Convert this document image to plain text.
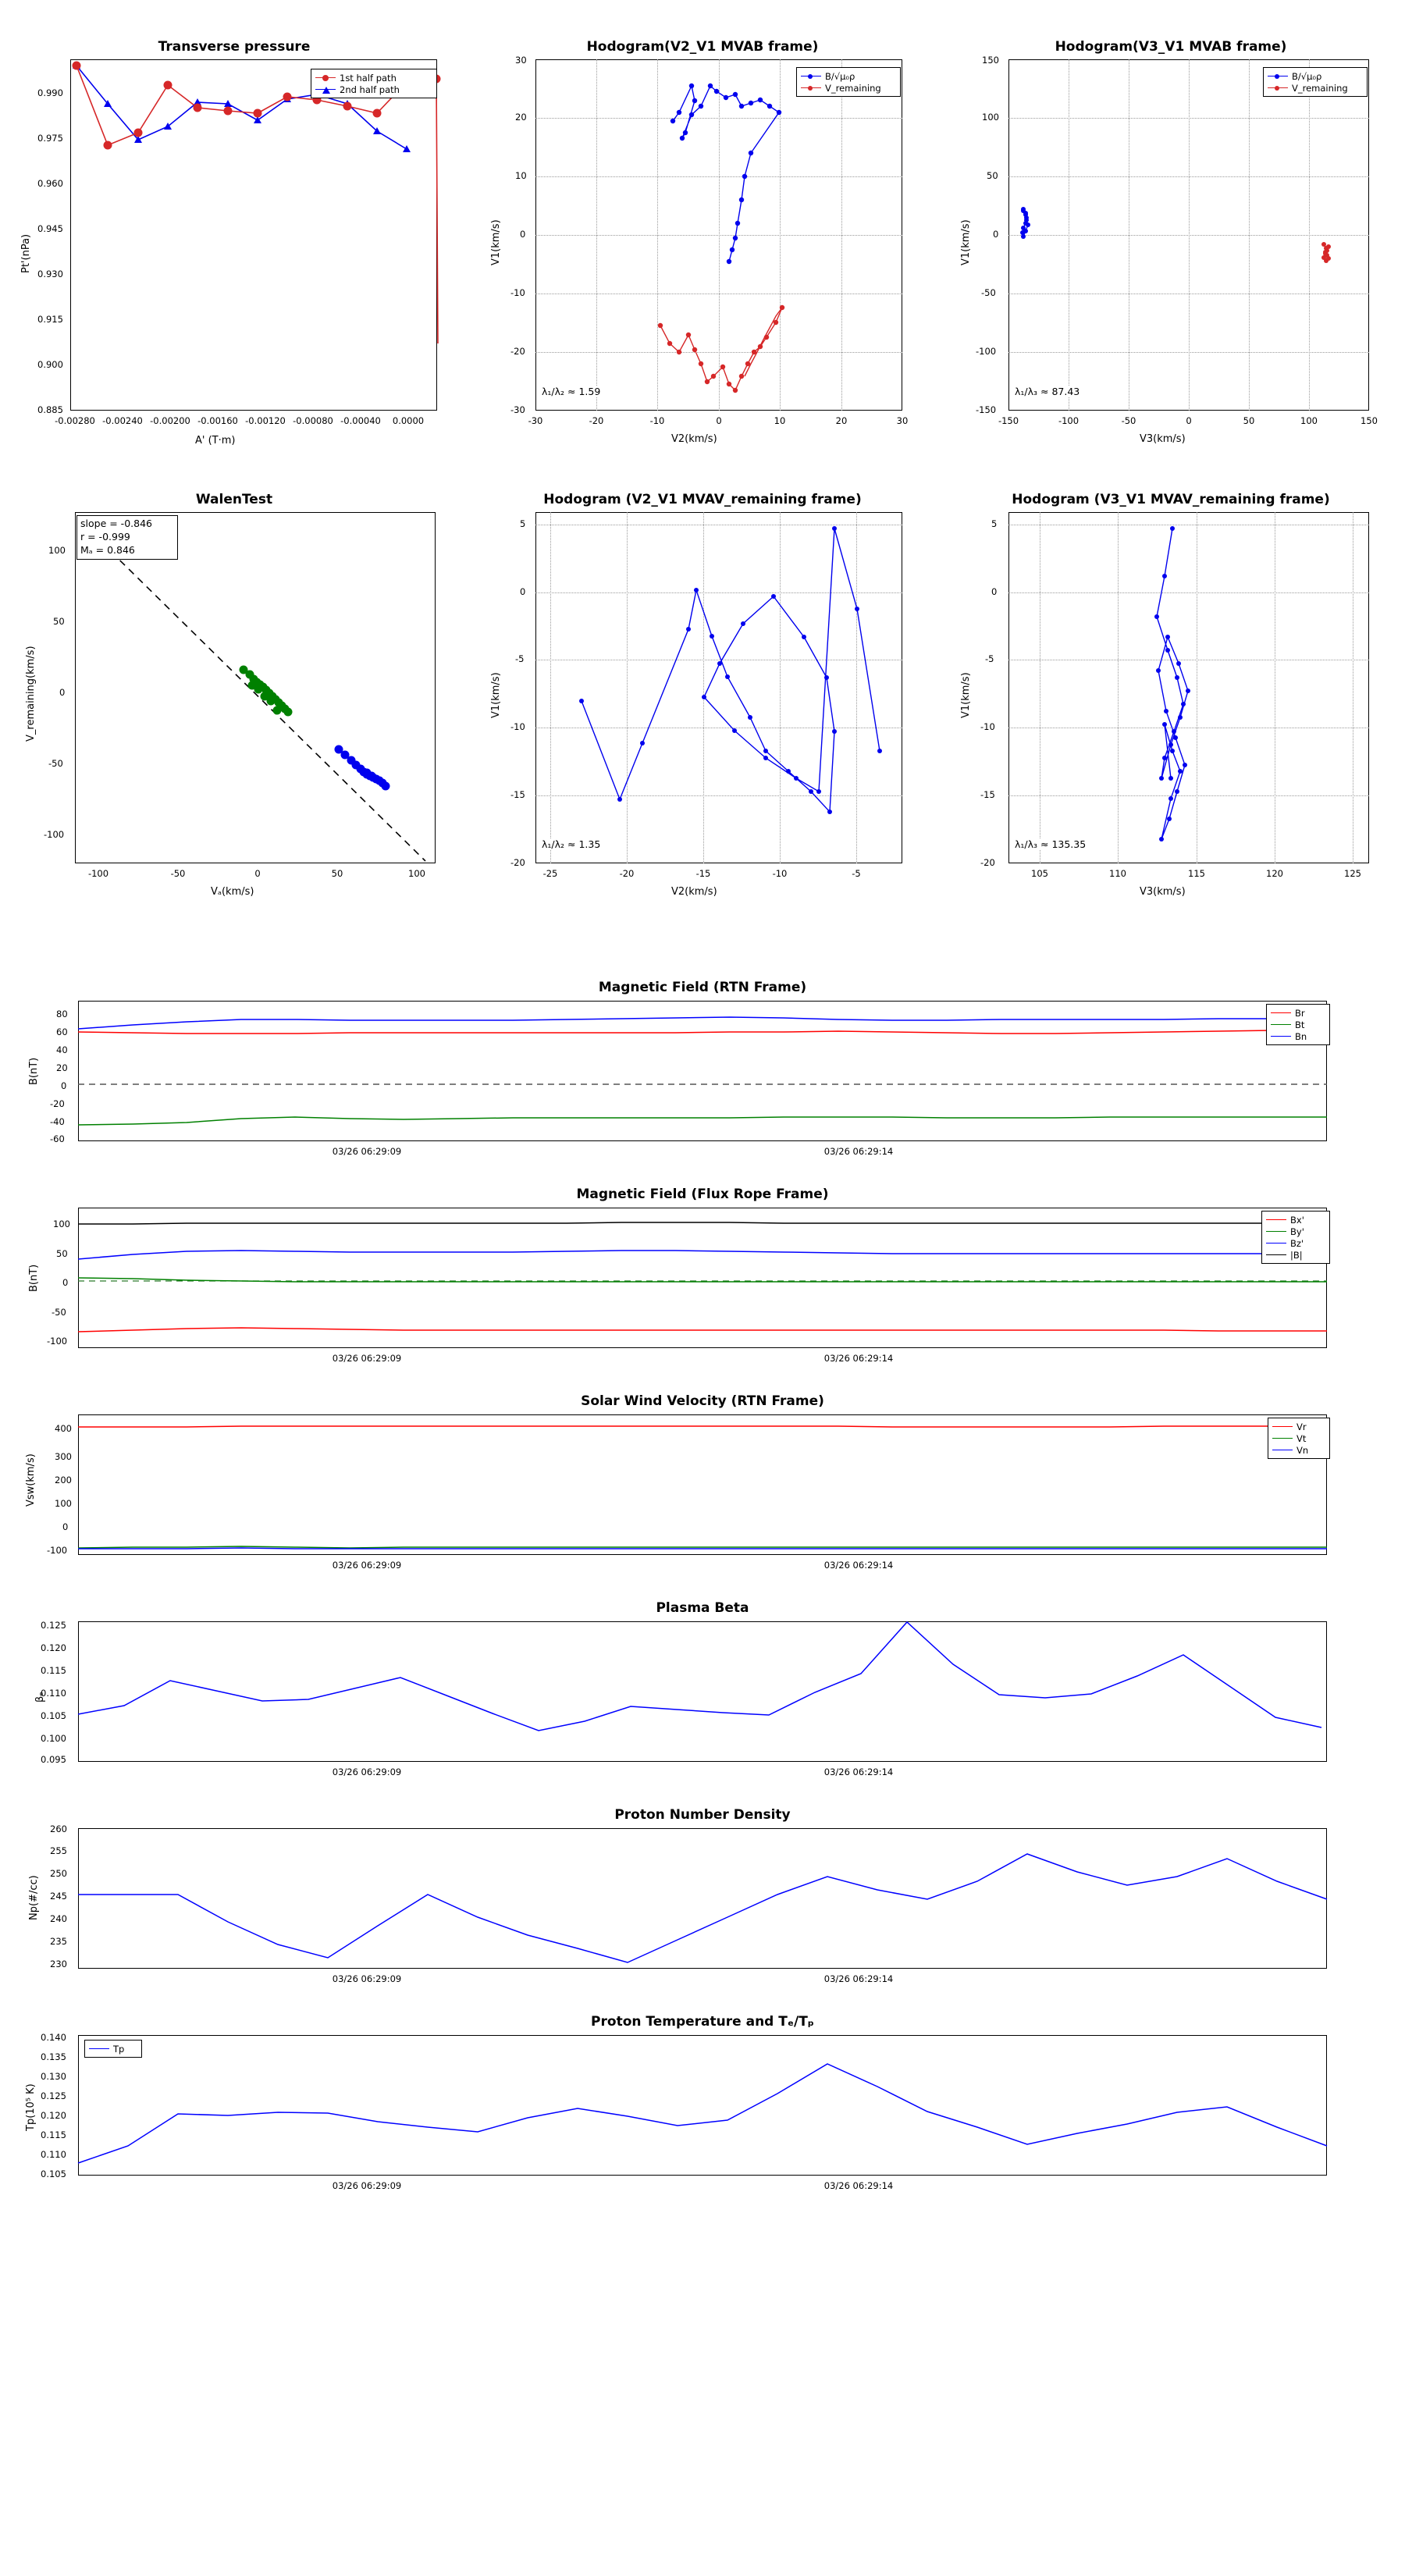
Transverse pressure
Pt'(nPa)
A' (T·m)
0.885
0.900
0.915
0.930
0.945
0.960
0.975
0.990
-0.00280 -0.00240 -0.00200 -0.00160 -0.00120 -0.00080 -0.00040	0.0000
1st half path
2nd half path
Hodogram(V2_V1 MVAB frame)
V1(km/s)
V2(km/s)
-30
-20
-10
0
10
20
30
-30	-20	-10	0	10	20	30
B/√μ₀ρ
V_remaining
λ₁/λ₂ ≈ 1.59
Hodogram(V3_V1 MVAB frame)
V1(km/s)
V3(km/s)
-150
-100
-50
0
50
100
150
-150	-100	-50	0	50	100	150
B/√μ₀ρ
V_remaining
λ₁/λ₃ ≈ 87.43
WalenTest
V_remaining(km/s)
Vₐ(km/s)
-100
-50
0
50
100
-100	-50	0	50	100
slope = -0.846
r = -0.999
Mₐ = 0.846
Hodogram (V2_V1 MVAV_remaining frame)
V1(km/s)
V2(km/s)
-20
-15
-10
-5
0
5
-25	-20	-15	-10	-5
λ₁/λ₂ ≈ 1.35
Hodogram (V3_V1 MVAV_remaining frame)
V1(km/s)
V3(km/s)
-20
-15
-10
-5
0
5
105	110	115	120	125
λ₁/λ₃ ≈ 135.35
Magnetic Field (RTN Frame)
B(nT)
-60
-40
-20
0
20
40
60
80
03/26 06:29:09	03/26 06:29:14
Br
Bt
Bn
Magnetic Field (Flux Rope Frame)
B(nT)
-100
-50
0
50
100
03/26 06:29:09	03/26 06:29:14
Bx'
By'
Bz'
|B|
Solar Wind Velocity (RTN Frame)
Vsw(km/s)
-100
0
100
200
300
400
03/26 06:29:09	03/26 06:29:14
Vr
Vt
Vn
Plasma Beta
βₑ
0.095
0.100
0.105
0.110
0.115
0.120
0.125
03/26 06:29:09	03/26 06:29:14
Proton Number Density
Np(#/cc)
230
235
240
245
250
255
260
03/26 06:29:09	03/26 06:29:14
Proton Temperature and Tₑ/Tₚ
Tp(10⁵ K)
0.105
0.110
0.115
0.120
0.125
0.130
0.135
0.140
03/26 06:29:09	03/26 06:29:14
Tp
